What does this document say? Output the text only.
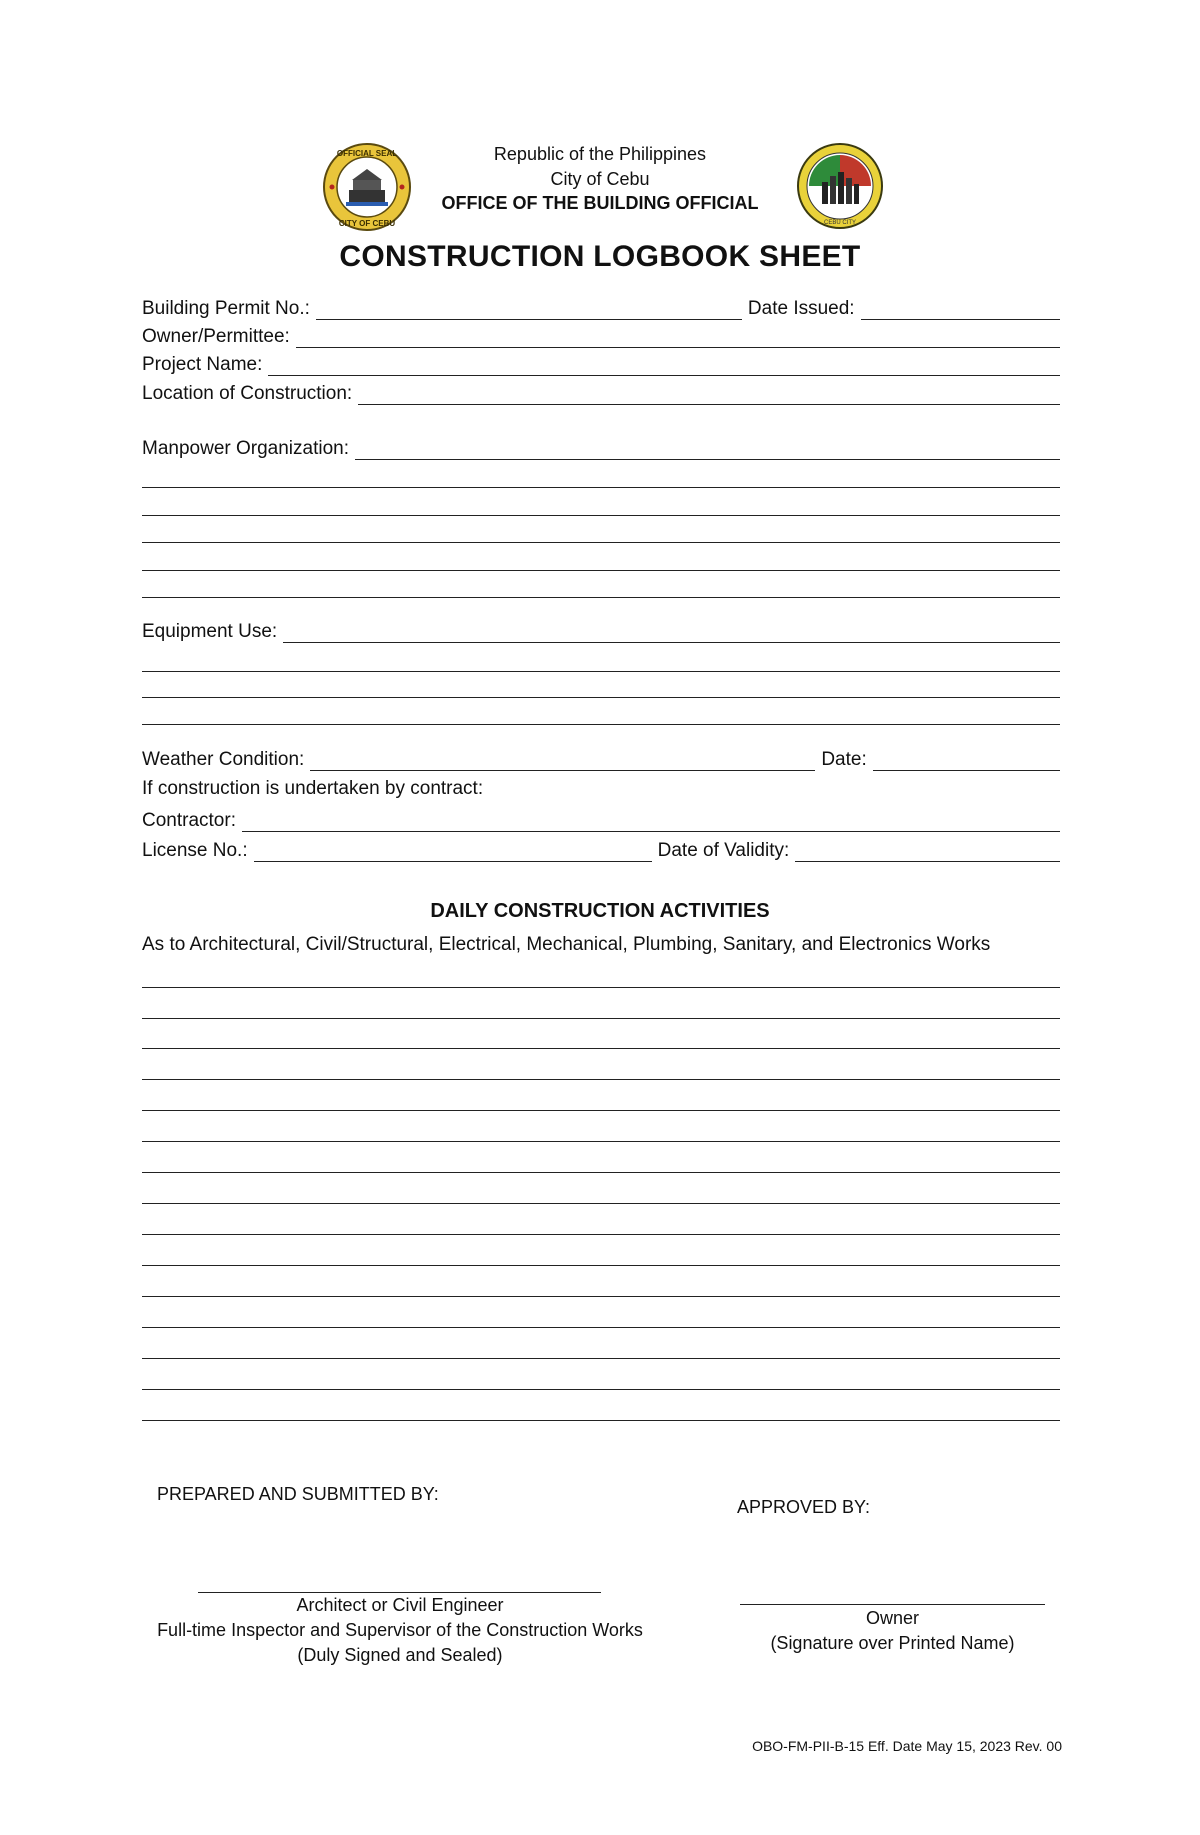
OFFICIAL SEAL
CITY OF CEBU	CEBU CITY
Republic of the Philippines
City of Cebu
OFFICE OF THE BUILDING OFFICIAL
CONSTRUCTION LOGBOOK SHEET
Building Permit No.:	Date Issued:
Owner/Permittee:
Project Name:
Location of Construction:
Manpower Organization:
Equipment Use:
Weather Condition:	Date:
If construction is undertaken by contract:
Contractor:
License No.:	Date of Validity:
DAILY CONSTRUCTION ACTIVITIES
As to Architectural, Civil/Structural, Electrical, Mechanical, Plumbing, Sanitary, and Electronics Works
PREPARED AND SUBMITTED BY:
Architect or Civil Engineer
Full-time Inspector and Supervisor of the Construction Works
(Duly Signed and Sealed)
APPROVED BY:
Owner
(Signature over Printed Name)
OBO-FM-PII-B-15 Eff. Date May 15, 2023 Rev. 00
